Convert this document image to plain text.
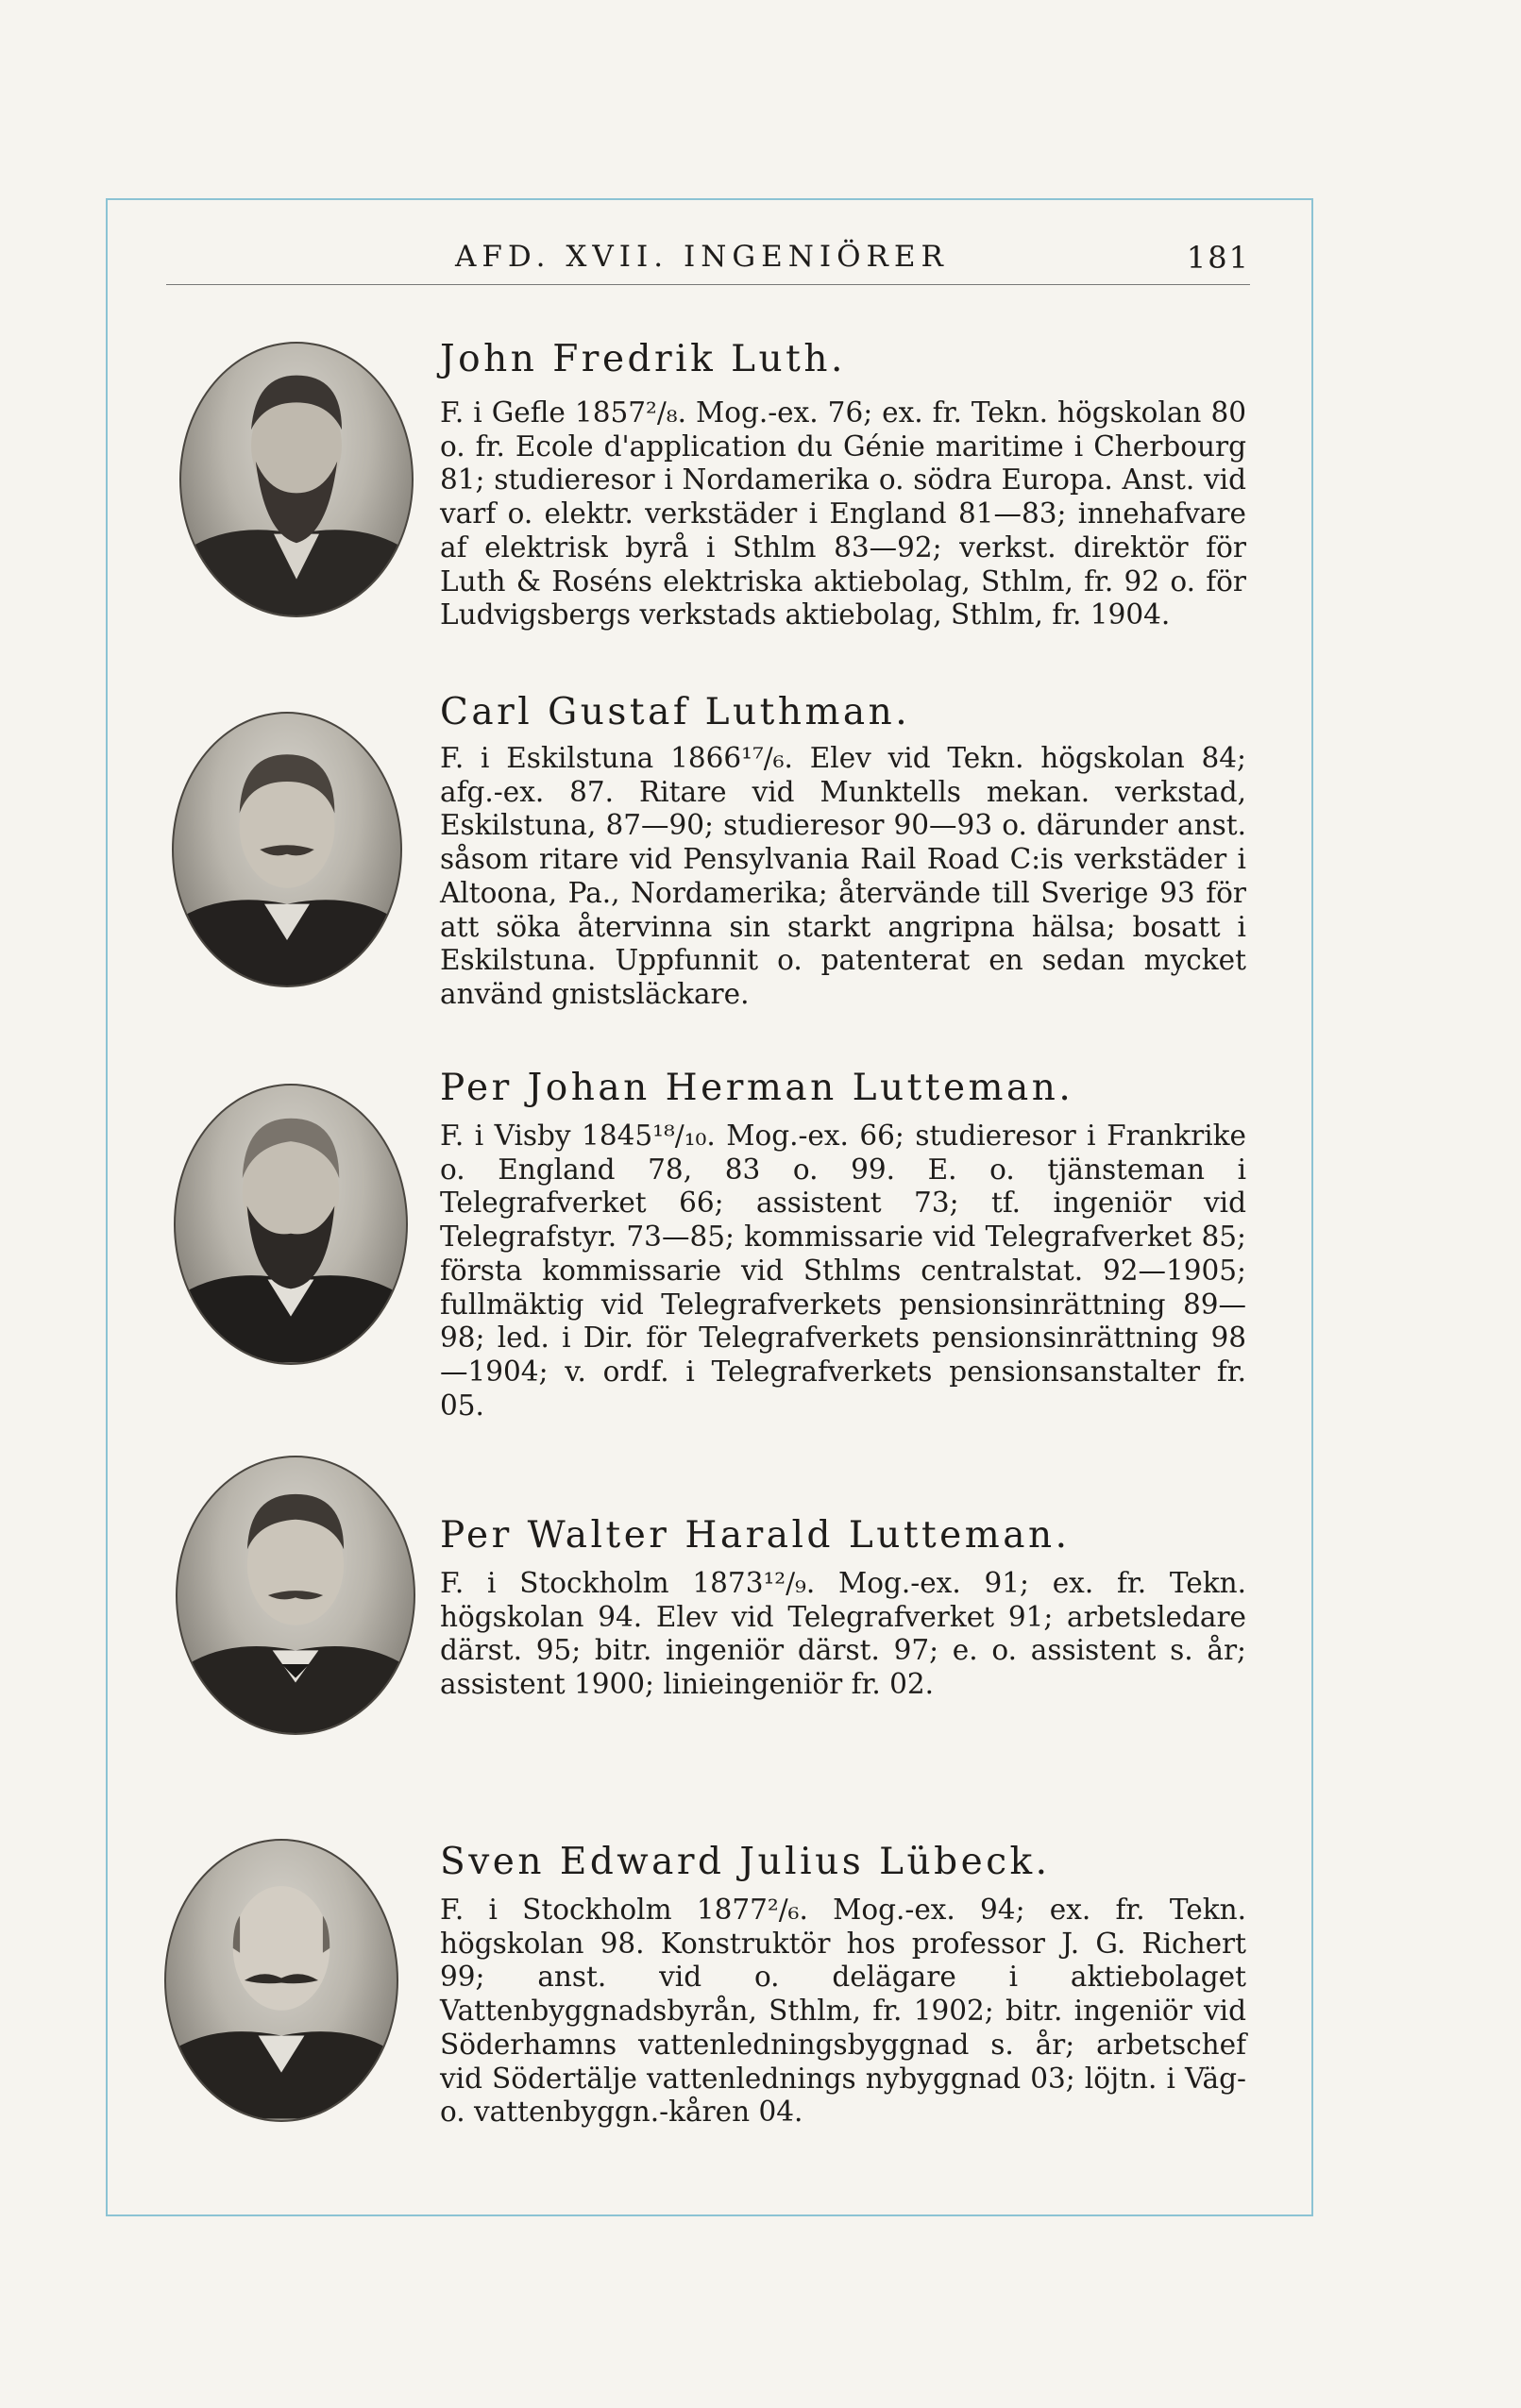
AFD. XVII. INGENIÖRER	181
John Fredrik Luth.
F. i Gefle 1857²/₈. Mog.-ex. 76; ex. fr. Tekn. högskolan 80 o. fr. Ecole d'application du Génie maritime i Cherbourg 81; studieresor i Nordamerika o. södra Europa. Anst. vid varf o. elektr. verkstäder i England 81—83; innehafvare af elektrisk byrå i Sthlm 83—92; verkst. direktör för Luth & Roséns elektriska aktiebolag, Sthlm, fr. 92 o. för Ludvigsbergs verkstads aktiebolag, Sthlm, fr. 1904.
Carl Gustaf Luthman.
F. i Eskilstuna 1866¹⁷/₆. Elev vid Tekn. högskolan 84; afg.-ex. 87. Ritare vid Munktells mekan. verkstad, Eskilstuna, 87—90; studieresor 90—93 o. därunder anst. såsom ritare vid Pensylvania Rail Road C:is verkstäder i Altoona, Pa., Nordamerika; återvände till Sverige 93 för att söka återvinna sin starkt angripna hälsa; bosatt i Eskilstuna. Uppfunnit o. patenterat en sedan mycket använd gnistsläckare.
Per Johan Herman Lutteman.
F. i Visby 1845¹⁸/₁₀. Mog.-ex. 66; studieresor i Frankrike o. England 78, 83 o. 99. E. o. tjänsteman i Telegrafverket 66; assistent 73; tf. ingeniör vid Telegrafstyr. 73—85; kommissarie vid Telegrafverket 85; första kommissarie vid Sthlms centralstat. 92—1905; fullmäktig vid Telegrafverkets pensionsinrättning 89—98; led. i Dir. för Telegrafverkets pensionsinrättning 98—1904; v. ordf. i Telegrafverkets pensionsanstalter fr. 05.
Per Walter Harald Lutteman.
F. i Stockholm 1873¹²/₉. Mog.-ex. 91; ex. fr. Tekn. högskolan 94. Elev vid Telegrafverket 91; arbetsledare därst. 95; bitr. ingeniör därst. 97; e. o. assistent s. år; assistent 1900; linieingeniör fr. 02.
Sven Edward Julius Lübeck.
F. i Stockholm 1877²/₆. Mog.-ex. 94; ex. fr. Tekn. högskolan 98. Konstruktör hos professor J. G. Richert 99; anst. vid o. delägare i aktiebolaget Vattenbyggnadsbyrån, Sthlm, fr. 1902; bitr. ingeniör vid Söderhamns vattenledningsbyggnad s. år; arbetschef vid Södertälje vattenlednings nybyggnad 03; löjtn. i Väg- o. vattenbyggn.-kåren 04.
